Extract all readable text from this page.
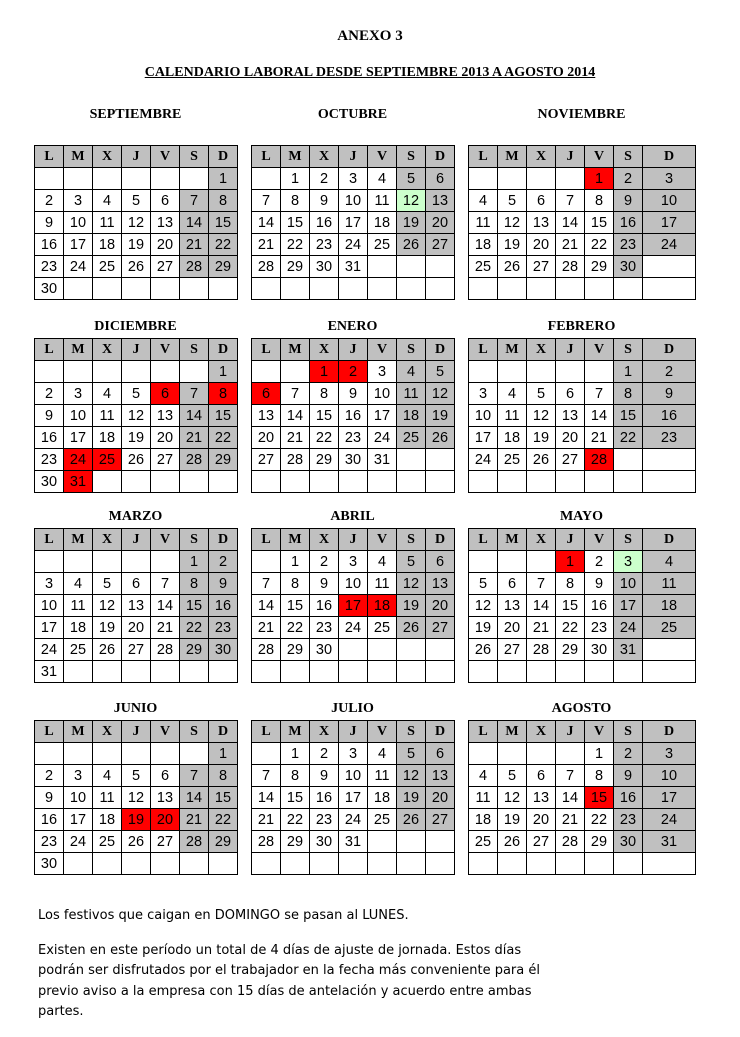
ANEXO 3
CALENDARIO LABORAL DESDE SEPTIEMBRE 2013 A AGOSTO 2014
SEPTIEMBRE
L	M	X	J	V	S	D
						1
2	3	4	5	6	7	8
9	10	11	12	13	14	15
16	17	18	19	20	21	22
23	24	25	26	27	28	29
30						
OCTUBRE
L	M	X	J	V	S	D
	1	2	3	4	5	6
7	8	9	10	11	12	13
14	15	16	17	18	19	20
21	22	23	24	25	26	27
28	29	30	31			

NOVIEMBRE
L	M	X	J	V	S	D
				1	2	3
4	5	6	7	8	9	10
11	12	13	14	15	16	17
18	19	20	21	22	23	24
25	26	27	28	29	30	

DICIEMBRE
L	M	X	J	V	S	D
						1
2	3	4	5	6	7	8
9	10	11	12	13	14	15
16	17	18	19	20	21	22
23	24	25	26	27	28	29
30	31					
ENERO
L	M	X	J	V	S	D
		1	2	3	4	5
6	7	8	9	10	11	12
13	14	15	16	17	18	19
20	21	22	23	24	25	26
27	28	29	30	31		

FEBRERO
L	M	X	J	V	S	D
					1	2
3	4	5	6	7	8	9
10	11	12	13	14	15	16
17	18	19	20	21	22	23
24	25	26	27	28		

MARZO
L	M	X	J	V	S	D
					1	2
3	4	5	6	7	8	9
10	11	12	13	14	15	16
17	18	19	20	21	22	23
24	25	26	27	28	29	30
31						
ABRIL
L	M	X	J	V	S	D
	1	2	3	4	5	6
7	8	9	10	11	12	13
14	15	16	17	18	19	20
21	22	23	24	25	26	27
28	29	30				

MAYO
L	M	X	J	V	S	D
			1	2	3	4
5	6	7	8	9	10	11
12	13	14	15	16	17	18
19	20	21	22	23	24	25
26	27	28	29	30	31	

JUNIO
L	M	X	J	V	S	D
						1
2	3	4	5	6	7	8
9	10	11	12	13	14	15
16	17	18	19	20	21	22
23	24	25	26	27	28	29
30						
JULIO
L	M	X	J	V	S	D
	1	2	3	4	5	6
7	8	9	10	11	12	13
14	15	16	17	18	19	20
21	22	23	24	25	26	27
28	29	30	31			

AGOSTO
L	M	X	J	V	S	D
				1	2	3
4	5	6	7	8	9	10
11	12	13	14	15	16	17
18	19	20	21	22	23	24
25	26	27	28	29	30	31

Los festivos que caigan en DOMINGO se pasan al LUNES.

Existen en este período un total de 4 días de ajuste de jornada. Estos días podrán ser disfrutados por el trabajador en la fecha más conveniente para él previo aviso a la empresa con 15 días de antelación y acuerdo entre ambas partes.
